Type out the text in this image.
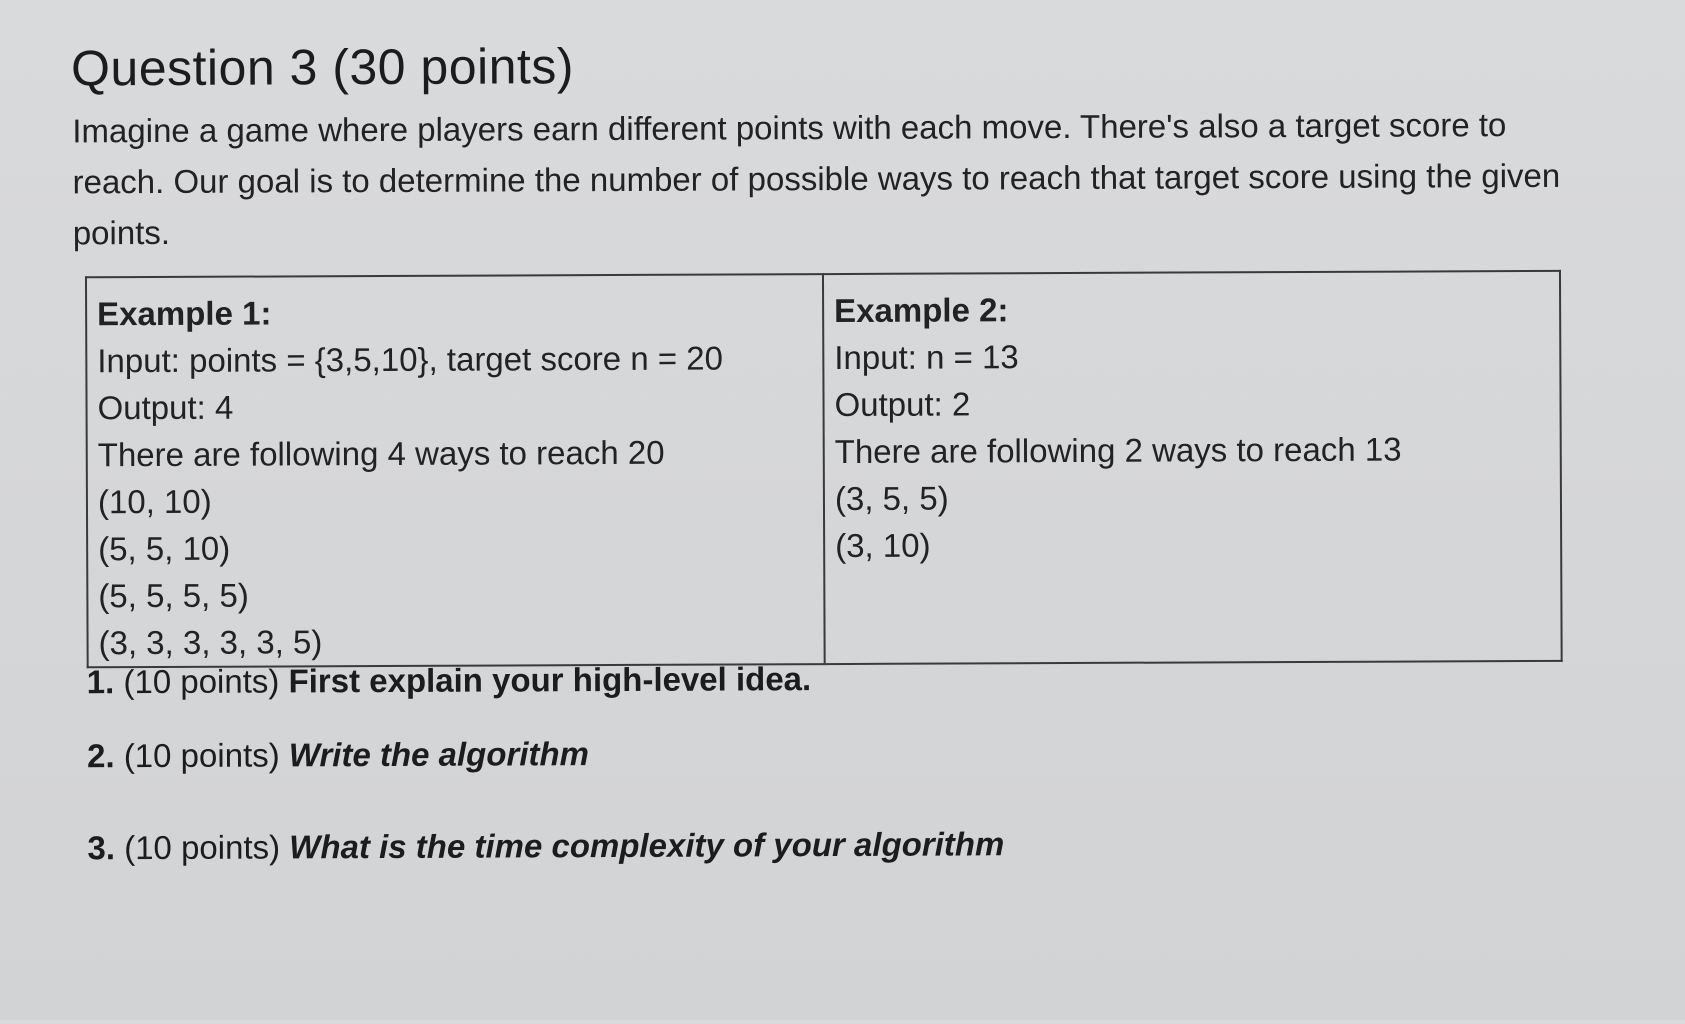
Question 3 (30 points)

Imagine a game where players earn different points with each move. There's also a target score to reach. Our goal is to determine the number of possible ways to reach that target score using the given points.

Example 1:
Input: points = {3,5,10}, target score n = 20
Output: 4
There are following 4 ways to reach 20
(10, 10)
(5, 5, 10)
(5, 5, 5, 5)
(3, 3, 3, 3, 3, 5)

Example 2:
Input: n = 13
Output: 2
There are following 2 ways to reach 13
(3, 5, 5)
(3, 10)
1. (10 points) First explain your high-level idea.
2. (10 points) Write the algorithm
3. (10 points) What is the time complexity of your algorithm
